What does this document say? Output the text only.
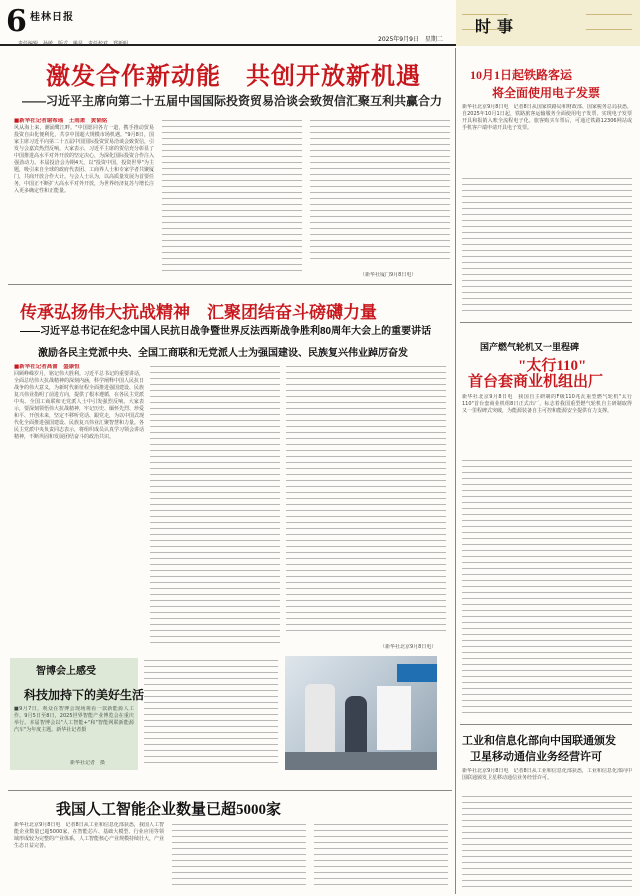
6 桂林日报
责任编辑　孙敏　版式　姚昆　责任校对　郑新明
2025年9月9日　星期二
时事
激发合作新动能　共创开放新机遇
——习近平主席向第二十五届中国国际投资贸易洽谈会致贺信汇聚互利共赢合力
■新华社记者谢希瑶　王雨萧　黄韬铭
风从海上来，潮涌鹭江畔。"中国愿同各方一道，携手推动贸易投资自由化便利化，共享中国超大规模市场机遇。"9月8日，国家主席习近平向第二十五届中国国际投资贸易洽谈会致贺信，引发与会嘉宾热烈反响。大家表示，习近平主席的贺信充分彰显了中国推进高水平对外开放的坚定决心，为深化国际投资合作注入强劲动力。本届投洽会为期4天，以"投资中国，投资世界"为主题，吸引来自全球的政府代表团、工商界人士和专家学者共聚厦门，共商开放合作大计。与会人士认为，以高质量发展为首要任务，中国正不断扩大高水平对外开放，为世界经济复苏与增长注入更多确定性和正能量。
（新华社厦门9月8日电）
传承弘扬伟大抗战精神　汇聚团结奋斗磅礴力量
——习近平总书记在纪念中国人民抗日战争暨世界反法西斯战争胜利80周年大会上的重要讲话
激励各民主党派中央、全国工商联和无党派人士为强国建设、民族复兴伟业踔厉奋发
■新华社记者高蕾　盛康恒
回顾峥嵘岁月，铭记伟大胜利。习近平总书记的重要讲话，全面总结伟大抗战精神的深刻内涵，科学阐释中国人民抗日战争的伟大意义，为新时代新征程全面推进强国建设、民族复兴伟业指明了前进方向，提供了根本遵循，在各民主党派中央、全国工商联和无党派人士中引发强烈反响。大家表示，要深刻领悟伟大抗战精神，牢记历史、缅怀先烈、珍爱和平、开创未来，坚定不移听党话、跟党走，为以中国式现代化全面推进强国建设、民族复兴伟业汇聚智慧和力量。各民主党派中央负责同志表示，将组织成员认真学习领会讲话精神，不断巩固和发展团结奋斗的政治共识。
（新华社北京9月8日电）
智博会上感受
科技加持下的美好生活
■9月7日，观众在智博会现场观看一款新能源人工作。9月5日至8日，2025世界智能产业博览会在重庆举行。本届智博会以"人工智能+"和"智能网联新能源汽车"为年度主题。新华社记者摄
新华社记者　摄
我国人工智能企业数量已超5000家
新华社北京9月8日电　记者8日从工业和信息化部获悉，我国人工智能企业数量已超5000家，在智能芯片、基础大模型、行业应用等领域形成较为完整的产业体系，人工智能核心产业规模持续壮大，产业生态日益完善。
10月1日起铁路客运
将全面使用电子发票
新华社北京9月8日电　记者8日从国家铁路局和财政部、国家税务总局获悉，自2025年10月1日起，铁路旅客运输服务全面使用电子发票，实现电子发票开具和报销入账全流程电子化。旅客购买车票后，可通过铁路12306网站或手机客户端申请开具电子发票。
国产燃气轮机又一里程碑
"太行110"
首台套商业机组出厂
新华社北京9月8日电　我国自主研制的F级110兆瓦重型燃气轮机"太行110"首台套商业机组8日正式出厂，标志着我国重型燃气轮机自主研制取得又一里程碑式突破，为能源装备自主可控和能源安全提供有力支撑。
工业和信息化部向中国联通颁发
卫星移动通信业务经营许可
新华社北京9月8日电　记者8日从工业和信息化部获悉，工业和信息化部向中国联通颁发卫星移动通信业务经营许可。
